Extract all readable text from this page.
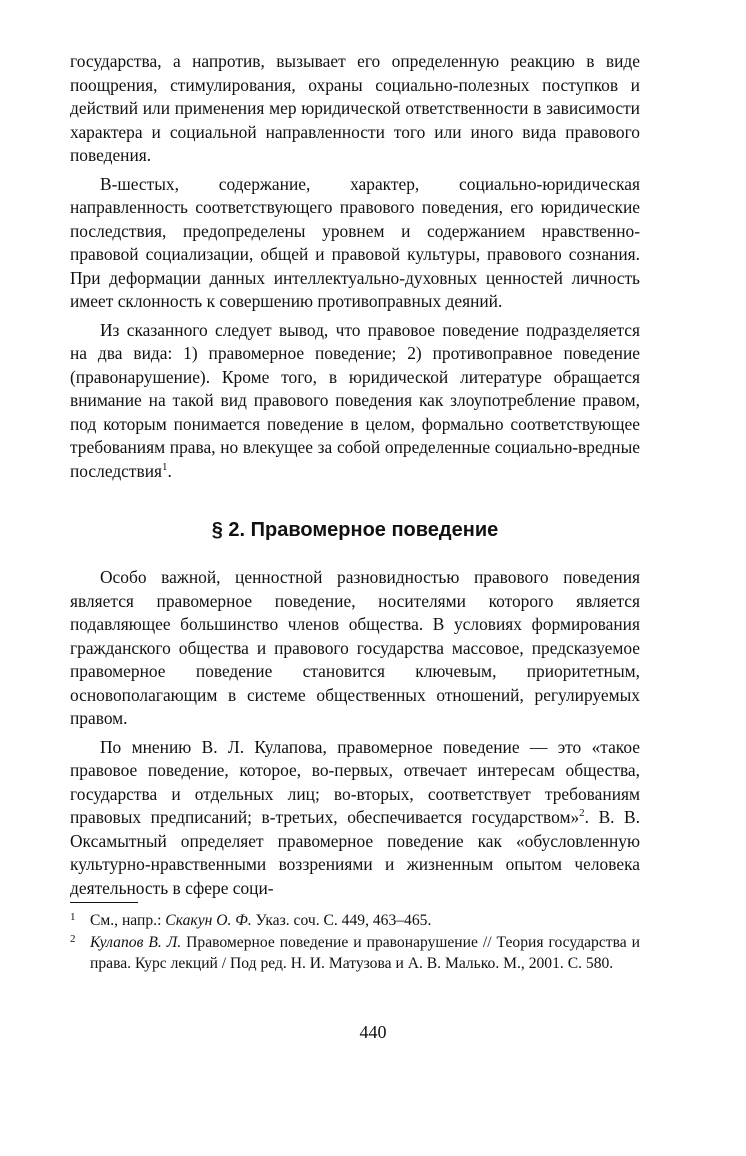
государства, а напротив, вызывает его определенную реакцию в виде поощрения, стимулирования, охраны социально-полезных поступков и действий или применения мер юридической ответственности в зависимости характера и социальной направленности того или иного вида правового поведения.

В-шестых, содержание, характер, социально-юридическая направленность соответствующего правового поведения, его юридические последствия, предопределены уровнем и содержанием нравственно-правовой социализации, общей и правовой культуры, правового сознания. При деформации данных интеллектуально-духовных ценностей личность имеет склонность к совершению противоправных деяний.

Из сказанного следует вывод, что правовое поведение подразделяется на два вида: 1) правомерное поведение; 2) противоправное поведение (правонарушение). Кроме того, в юридической литературе обращается внимание на такой вид правового поведения как злоупотребление правом, под которым понимается поведение в целом, формально соответствующее требованиям права, но влекущее за собой определенные социально-вредные последствия$^1$.

§ 2. Правомерное поведение

Особо важной, ценностной разновидностью правового поведения является правомерное поведение, носителями которого является подавляющее большинство членов общества. В условиях формирования гражданского общества и правового государства массовое, предсказуемое правомерное поведение становится ключевым, приоритетным, основополагающим в системе общественных отношений, регулируемых правом.

По мнению В. Л. Кулапова, правомерное поведение — это «такое правовое поведение, которое, во-первых, отвечает интересам общества, государства и отдельных лиц; во-вторых, соответствует требованиям правовых предписаний; в-третьих, обеспечивается государством»$^2$. В. В. Оксамытный определяет правомерное поведение как «обусловленную культурно-нравственными воззрениями и жизненным опытом человека деятельность в сфере соци-

1 См., напр.: Скакун О. Ф. Указ. соч. С. 449, 463–465.

2 Кулапов В. Л. Правомерное поведение и правонарушение // Теория государства и права. Курс лекций / Под ред. Н. И. Матузова и А. В. Малько. М., 2001. С. 580.

440
